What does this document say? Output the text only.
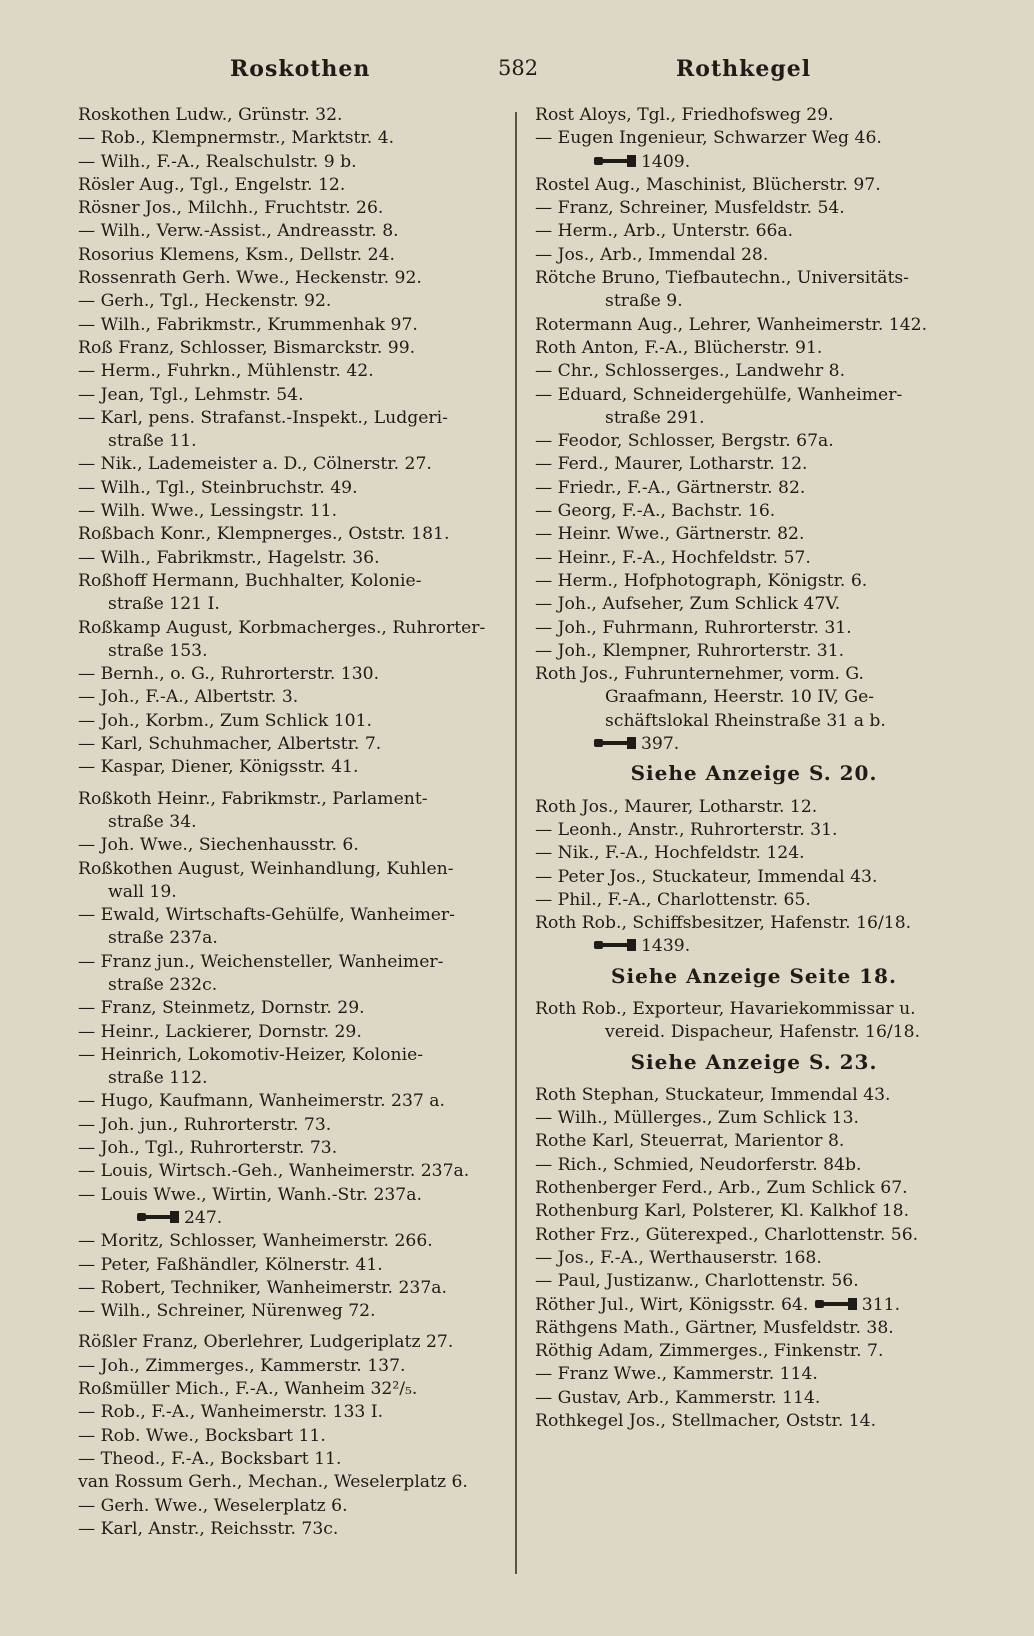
Roskothen	582	Rothkegel
Roskothen Ludw., Grünstr. 32.
— Rob., Klempnermstr., Marktstr. 4.
— Wilh., F.-A., Realschulstr. 9 b.
Rösler Aug., Tgl., Engelstr. 12.
Rösner Jos., Milchh., Fruchtstr. 26.
— Wilh., Verw.-Assist., Andreasstr. 8.
Rosorius Klemens, Ksm., Dellstr. 24.
Rossenrath Gerh. Wwe., Heckenstr. 92.
— Gerh., Tgl., Heckenstr. 92.
— Wilh., Fabrikmstr., Krummenhak 97.
Roß Franz, Schlosser, Bismarckstr. 99.
— Herm., Fuhrkn., Mühlenstr. 42.
— Jean, Tgl., Lehmstr. 54.
— Karl, pens. Strafanst.-Inspekt., Ludgeri-
straße 11.
— Nik., Lademeister a. D., Cölnerstr. 27.
— Wilh., Tgl., Steinbruchstr. 49.
— Wilh. Wwe., Lessingstr. 11.
Roßbach Konr., Klempnerges., Oststr. 181.
— Wilh., Fabrikmstr., Hagelstr. 36.
Roßhoff Hermann, Buchhalter, Kolonie-
straße 121 I.
Roßkamp August, Korbmacherges., Ruhrorter-
straße 153.
— Bernh., o. G., Ruhrorterstr. 130.
— Joh., F.-A., Albertstr. 3.
— Joh., Korbm., Zum Schlick 101.
— Karl, Schuhmacher, Albertstr. 7.
— Kaspar, Diener, Königsstr. 41.
Roßkoth Heinr., Fabrikmstr., Parlament-
straße 34.
— Joh. Wwe., Siechenhausstr. 6.
Roßkothen August, Weinhandlung, Kuhlen-
wall 19.
— Ewald, Wirtschafts-Gehülfe, Wanheimer-
straße 237a.
— Franz jun., Weichensteller, Wanheimer-
straße 232c.
— Franz, Steinmetz, Dornstr. 29.
— Heinr., Lackierer, Dornstr. 29.
— Heinrich, Lokomotiv-Heizer, Kolonie-
straße 112.
— Hugo, Kaufmann, Wanheimerstr. 237 a.
— Joh. jun., Ruhrorterstr. 73.
— Joh., Tgl., Ruhrorterstr. 73.
— Louis, Wirtsch.-Geh., Wanheimerstr. 237a.
— Louis Wwe., Wirtin, Wanh.-Str. 237a.
247.
— Moritz, Schlosser, Wanheimerstr. 266.
— Peter, Faßhändler, Kölnerstr. 41.
— Robert, Techniker, Wanheimerstr. 237a.
— Wilh., Schreiner, Nürenweg 72.
Rößler Franz, Oberlehrer, Ludgeriplatz 27.
— Joh., Zimmerges., Kammerstr. 137.
Roßmüller Mich., F.-A., Wanheim 32²/₅.
— Rob., F.-A., Wanheimerstr. 133 I.
— Rob. Wwe., Bocksbart 11.
— Theod., F.-A., Bocksbart 11.
van Rossum Gerh., Mechan., Weselerplatz 6.
— Gerh. Wwe., Weselerplatz 6.
— Karl, Anstr., Reichsstr. 73c.
Rost Aloys, Tgl., Friedhofsweg 29.
— Eugen Ingenieur, Schwarzer Weg 46.
1409.
Rostel Aug., Maschinist, Blücherstr. 97.
— Franz, Schreiner, Musfeldstr. 54.
— Herm., Arb., Unterstr. 66a.
— Jos., Arb., Immendal 28.
Rötche Bruno, Tiefbautechn., Universitäts-
straße 9.
Rotermann Aug., Lehrer, Wanheimerstr. 142.
Roth Anton, F.-A., Blücherstr. 91.
— Chr., Schlosserges., Landwehr 8.
— Eduard, Schneidergehülfe, Wanheimer-
straße 291.
— Feodor, Schlosser, Bergstr. 67a.
— Ferd., Maurer, Lotharstr. 12.
— Friedr., F.-A., Gärtnerstr. 82.
— Georg, F.-A., Bachstr. 16.
— Heinr. Wwe., Gärtnerstr. 82.
— Heinr., F.-A., Hochfeldstr. 57.
— Herm., Hofphotograph, Königstr. 6.
— Joh., Aufseher, Zum Schlick 47V.
— Joh., Fuhrmann, Ruhrorterstr. 31.
— Joh., Klempner, Ruhrorterstr. 31.
Roth Jos., Fuhrunternehmer, vorm. G.
Graafmann, Heerstr. 10 IV, Ge-
schäftslokal Rheinstraße 31 a b.
397.
Siehe Anzeige S. 20.
Roth Jos., Maurer, Lotharstr. 12.
— Leonh., Anstr., Ruhrorterstr. 31.
— Nik., F.-A., Hochfeldstr. 124.
— Peter Jos., Stuckateur, Immendal 43.
— Phil., F.-A., Charlottenstr. 65.
Roth Rob., Schiffsbesitzer, Hafenstr. 16/18.
1439.
Siehe Anzeige Seite 18.
Roth Rob., Exporteur, Havariekommissar u.
vereid. Dispacheur, Hafenstr. 16/18.
Siehe Anzeige S. 23.
Roth Stephan, Stuckateur, Immendal 43.
— Wilh., Müllerges., Zum Schlick 13.
Rothe Karl, Steuerrat, Marientor 8.
— Rich., Schmied, Neudorferstr. 84b.
Rothenberger Ferd., Arb., Zum Schlick 67.
Rothenburg Karl, Polsterer, Kl. Kalkhof 18.
Rother Frz., Güterexped., Charlottenstr. 56.
— Jos., F.-A., Werthauserstr. 168.
— Paul, Justizanw., Charlottenstr. 56.
Röther Jul., Wirt, Königsstr. 64.	311.
Räthgens Math., Gärtner, Musfeldstr. 38.
Röthig Adam, Zimmerges., Finkenstr. 7.
— Franz Wwe., Kammerstr. 114.
— Gustav, Arb., Kammerstr. 114.
Rothkegel Jos., Stellmacher, Oststr. 14.
